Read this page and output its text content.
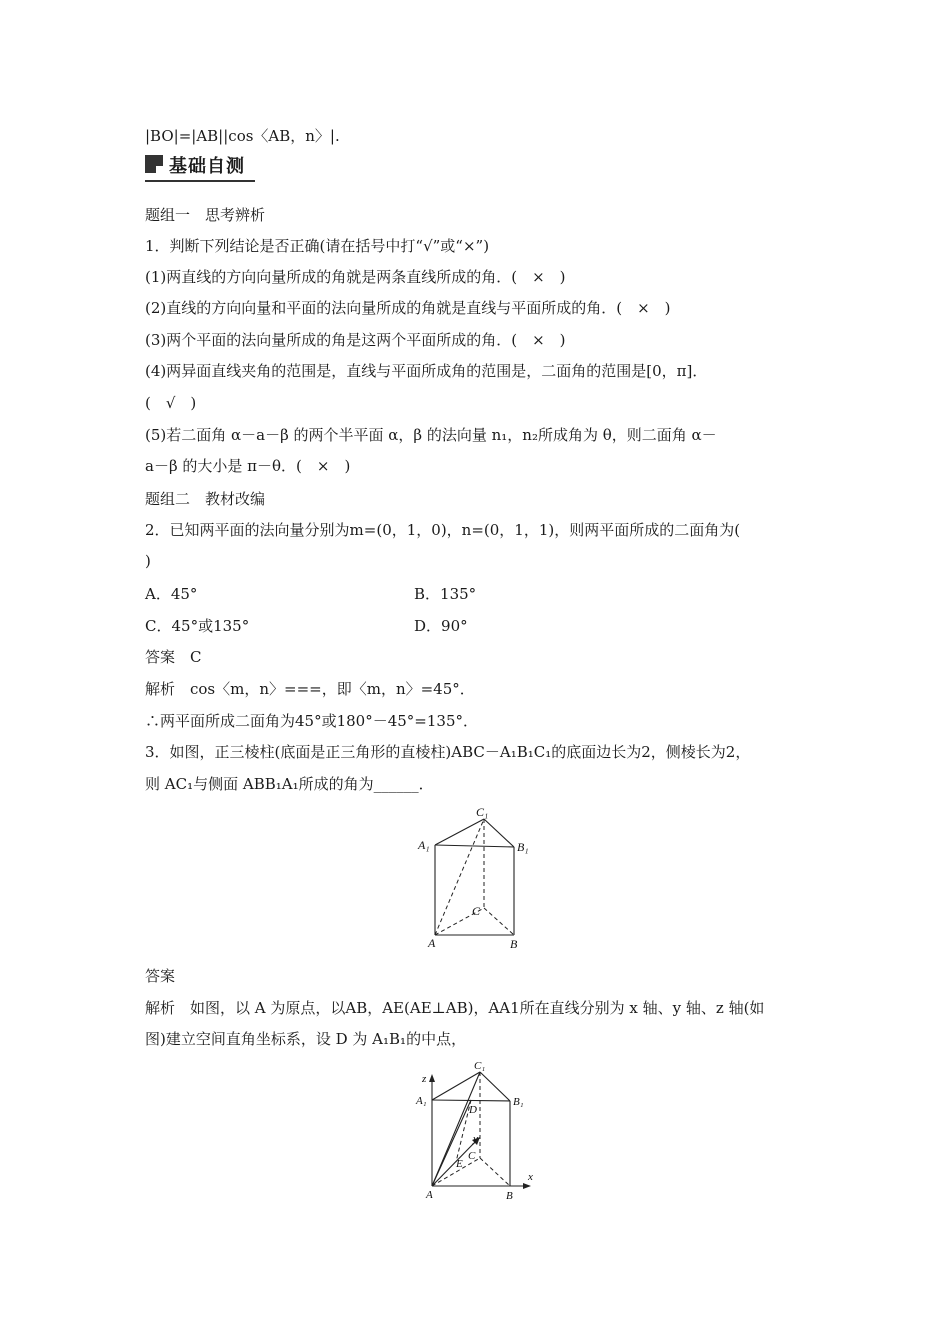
|BO|=|AB||cos〈AB，n〉|.
基础自测
题组一　思考辨析
1．判断下列结论是否正确(请在括号中打“√”或“×”)
(1)两直线的方向向量所成的角就是两条直线所成的角．(　×　)
(2)直线的方向向量和平面的法向量所成的角就是直线与平面所成的角．(　×　)
(3)两个平面的法向量所成的角是这两个平面所成的角．(　×　)
(4)两异面直线夹角的范围是，直线与平面所成角的范围是，二面角的范围是[0，π]．
(　√　)
(5)若二面角 α－a－β 的两个半平面 α，β 的法向量 n₁，n₂所成角为 θ，则二面角 α－
a－β 的大小是 π－θ．(　×　)
题组二　教材改编
2．已知两平面的法向量分别为m=(0，1，0)，n=(0，1，1)，则两平面所成的二面角为(
)
A．45°	B．135°
C．45°或135°	D．90°
答案　C
解析　cos〈m，n〉===，即〈m，n〉=45°．
∴两平面所成二面角为45°或180°－45°=135°．
3．如图，正三棱柱(底面是正三角形的直棱柱)ABC－A₁B₁C₁的底面边长为2，侧棱长为2，
则 AC₁与侧面 ABB₁A₁所成的角为______．
C₁
A₁	B₁
C
A	B
答案
解析　如图，以 A 为原点，以AB，AE(AE⊥AB)，AA1所在直线分别为 x 轴、y 轴、z 轴(如
图)建立空间直角坐标系，设 D 为 A₁B₁的中点，
z
C₁
A₁	B₁
D
y
C
E
x
A	B
